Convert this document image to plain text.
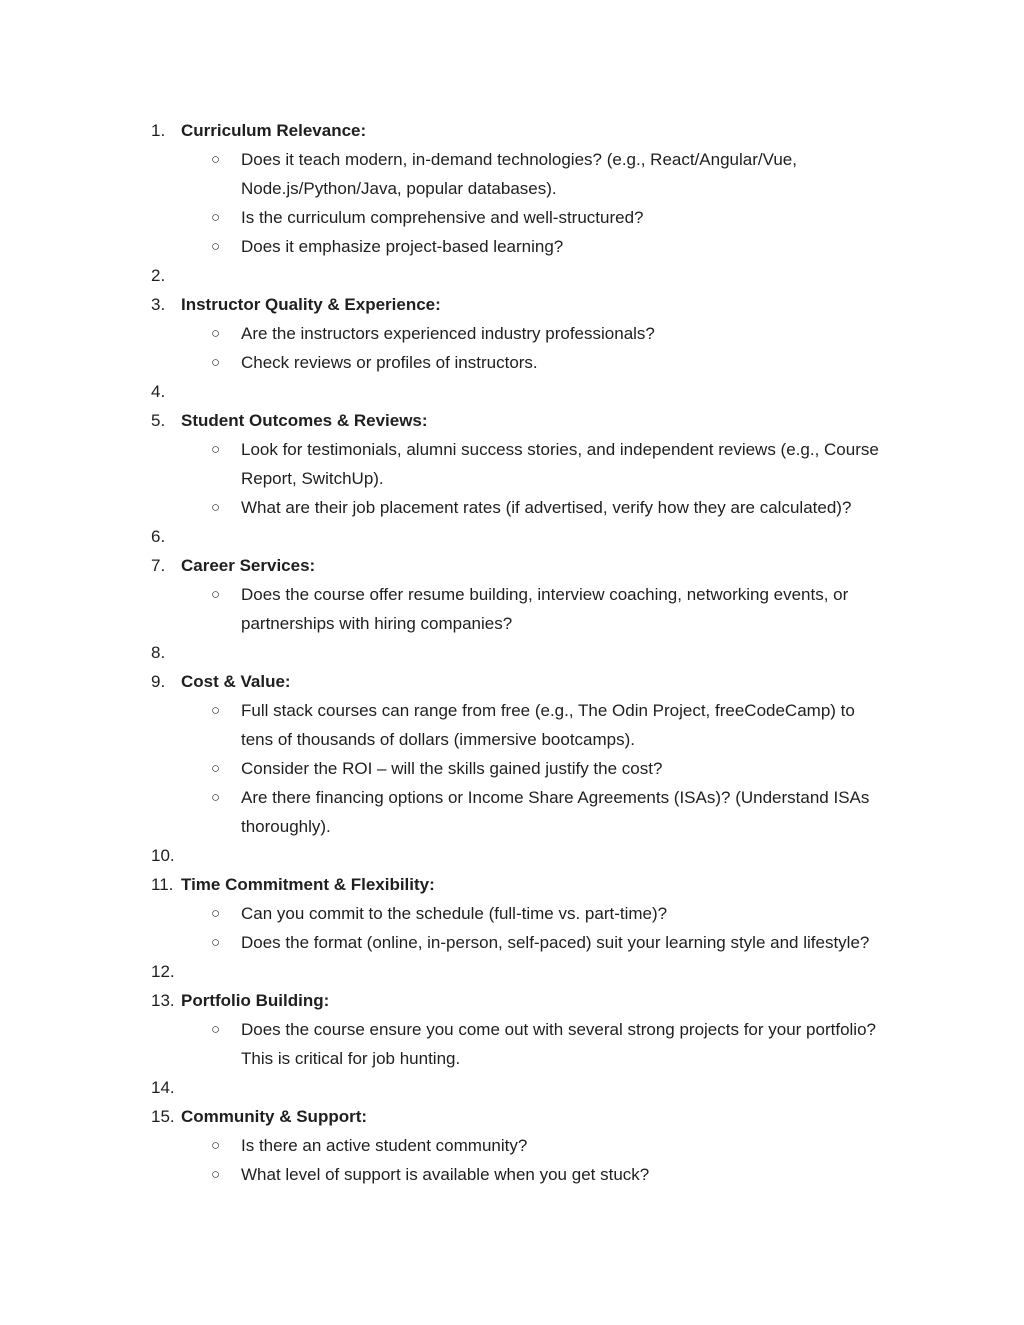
1. Curriculum Relevance:
○ Does it teach modern, in-demand technologies? (e.g., React/Angular/Vue,
Node.js/Python/Java, popular databases).
○ Is the curriculum comprehensive and well-structured?
○ Does it emphasize project-based learning?
2.
3. Instructor Quality & Experience:
○ Are the instructors experienced industry professionals?
○ Check reviews or profiles of instructors.
4.
5. Student Outcomes & Reviews:
○ Look for testimonials, alumni success stories, and independent reviews (e.g., Course
Report, SwitchUp).
○ What are their job placement rates (if advertised, verify how they are calculated)?
6.
7. Career Services:
○ Does the course offer resume building, interview coaching, networking events, or
partnerships with hiring companies?
8.
9. Cost & Value:
○ Full stack courses can range from free (e.g., The Odin Project, freeCodeCamp) to
tens of thousands of dollars (immersive bootcamps).
○ Consider the ROI – will the skills gained justify the cost?
○ Are there financing options or Income Share Agreements (ISAs)? (Understand ISAs
thoroughly).
10.
11. Time Commitment & Flexibility:
○ Can you commit to the schedule (full-time vs. part-time)?
○ Does the format (online, in-person, self-paced) suit your learning style and lifestyle?
12.
13. Portfolio Building:
○ Does the course ensure you come out with several strong projects for your portfolio?
This is critical for job hunting.
14.
15. Community & Support:
○ Is there an active student community?
○ What level of support is available when you get stuck?
